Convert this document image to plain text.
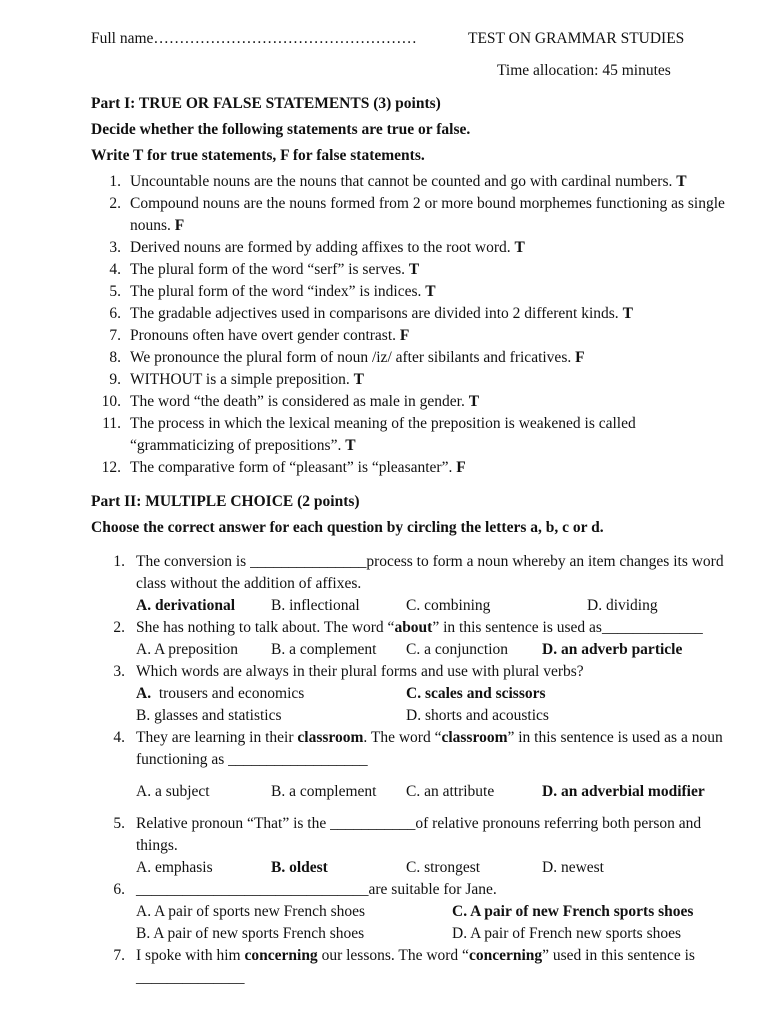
Full name……………………………………………	TEST ON GRAMMAR STUDIES
Time allocation: 45 minutes
Part I: TRUE OR FALSE STATEMENTS (3) points)
Decide whether the following statements are true or false.
Write T for true statements, F for false statements.
1. Uncountable nouns are the nouns that cannot be counted and go with cardinal numbers. T
2. Compound nouns are the nouns formed from 2 or more bound morphemes functioning as single nouns. F
3. Derived nouns are formed by adding affixes to the root word. T
4. The plural form of the word “serf” is serves. T
5. The plural form of the word “index” is indices. T
6. The gradable adjectives used in comparisons are divided into 2 different kinds. T
7. Pronouns often have overt gender contrast. F
8. We pronounce the plural form of noun /iz/ after sibilants and fricatives. F
9. WITHOUT is a simple preposition. T
10. The word “the death” is considered as male in gender. T
11. The process in which the lexical meaning of the preposition is weakened is called “grammaticizing of prepositions”. T
12. The comparative form of “pleasant” is “pleasanter”. F
Part II: MULTIPLE CHOICE (2 points)
Choose the correct answer for each question by circling the letters a, b, c or d.
1. The conversion is _______________process to form a noun whereby an item changes its word class without the addition of affixes.
A. derivational B. inflectional	C. combining	D. dividing
2. She has nothing to talk about. The word “about” in this sentence is used as_____________
A. A preposition B. a complement C. a conjunction D. an adverb particle
3. Which words are always in their plural forms and use with plural verbs?
A.  trousers and economics	C. scales and scissors
B. glasses and statistics	D. shorts and acoustics
4. They are learning in their classroom. The word “classroom” in this sentence is used as a noun functioning as __________________
A. a subject	B. a complement C. an attribute	D. an adverbial modifier
5. Relative pronoun “That” is the ___________of relative pronouns referring both person and things.
A. emphasis	B. oldest	C. strongest	D. newest
6. ______________________________are suitable for Jane.
A. A pair of sports new French shoes	C. A pair of new French sports shoes
B. A pair of new sports French shoes	D. A pair of French new sports shoes
7. I spoke with him concerning our lessons. The word “concerning” used in this sentence is ______________
